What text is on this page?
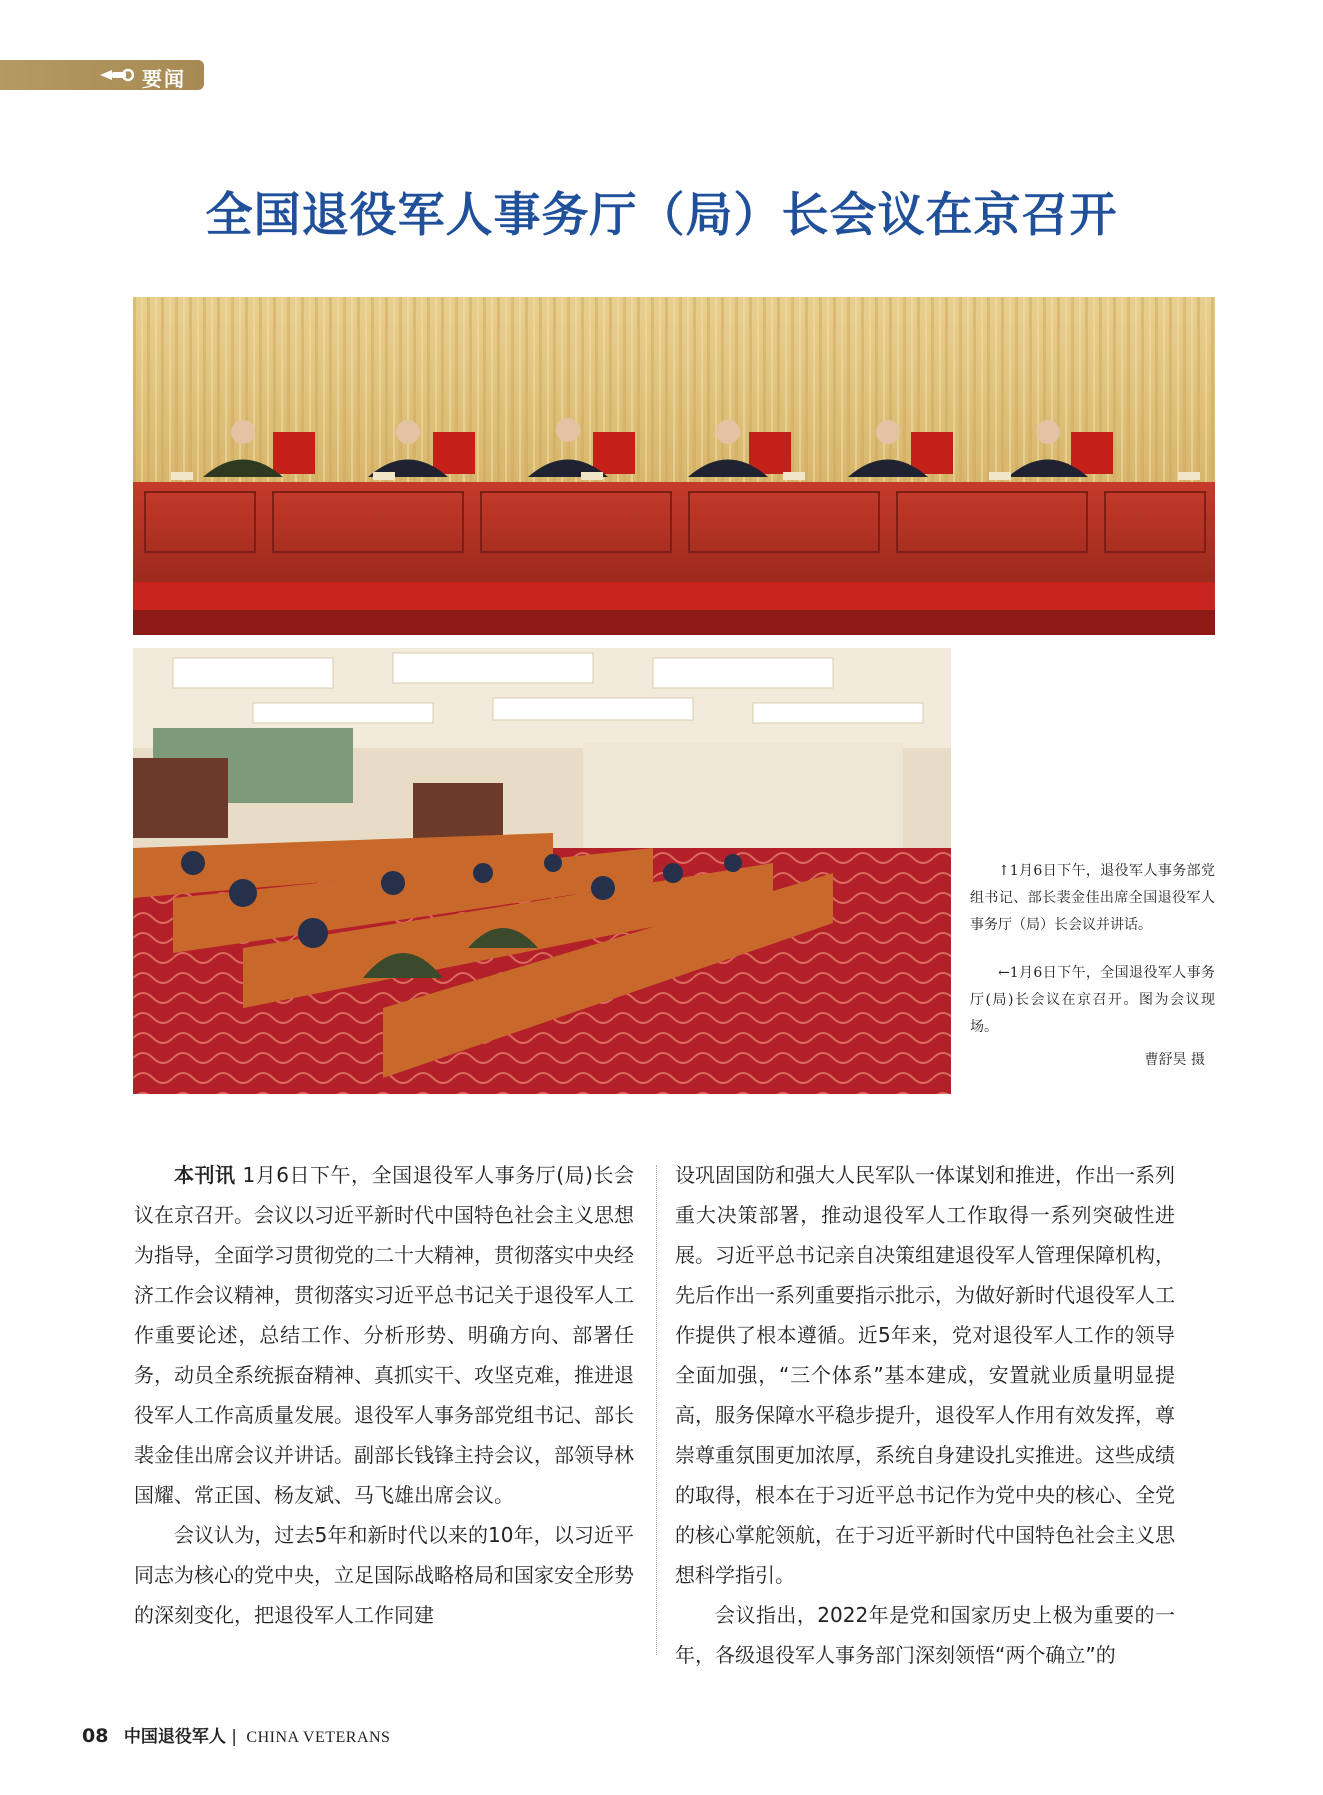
要闻
全国退役军人事务厅（局）长会议在京召开

↑1月6日下午，退役军人事务部党组书记、部长裴金佳出席全国退役军人事务厅（局）长会议并讲话。

←1月6日下午，全国退役军人事务厅(局)长会议在京召开。图为会议现场。

曹舒昊 摄

本刊讯 1月6日下午，全国退役军人事务厅(局)长会议在京召开。会议以习近平新时代中国特色社会主义思想为指导，全面学习贯彻党的二十大精神，贯彻落实中央经济工作会议精神，贯彻落实习近平总书记关于退役军人工作重要论述，总结工作、分析形势、明确方向、部署任务，动员全系统振奋精神、真抓实干、攻坚克难，推进退役军人工作高质量发展。退役军人事务部党组书记、部长裴金佳出席会议并讲话。副部长钱锋主持会议，部领导林国耀、常正国、杨友斌、马飞雄出席会议。

会议认为，过去5年和新时代以来的10年，以习近平同志为核心的党中央，立足国际战略格局和国家安全形势的深刻变化，把退役军人工作同建

设巩固国防和强大人民军队一体谋划和推进，作出一系列重大决策部署，推动退役军人工作取得一系列突破性进展。习近平总书记亲自决策组建退役军人管理保障机构，先后作出一系列重要指示批示，为做好新时代退役军人工作提供了根本遵循。近5年来，党对退役军人工作的领导全面加强，“三个体系”基本建成，安置就业质量明显提高，服务保障水平稳步提升，退役军人作用有效发挥，尊崇尊重氛围更加浓厚，系统自身建设扎实推进。这些成绩的取得，根本在于习近平总书记作为党中央的核心、全党的核心掌舵领航，在于习近平新时代中国特色社会主义思想科学指引。

会议指出，2022年是党和国家历史上极为重要的一年，各级退役军人事务部门深刻领悟“两个确立”的

08 中国退役军人 | CHINA VETERANS
